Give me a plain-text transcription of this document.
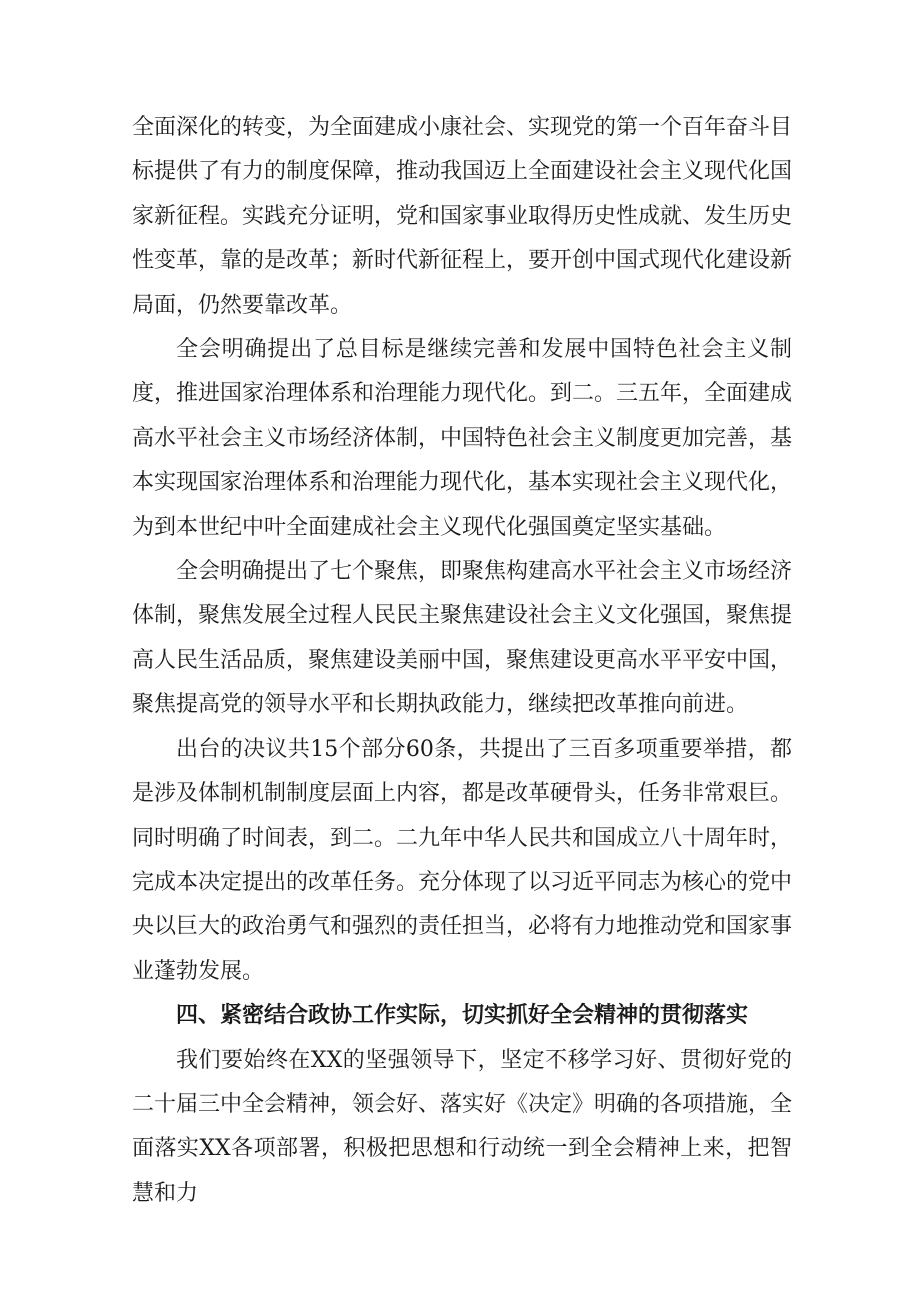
全面深化的转变，为全面建成小康社会、实现党的第一个百年奋斗目标提供了有力的制度保障，推动我国迈上全面建设社会主义现代化国家新征程。实践充分证明，党和国家事业取得历史性成就、发生历史性变革，靠的是改革；新时代新征程上，要开创中国式现代化建设新局面，仍然要靠改革。

全会明确提出了总目标是继续完善和发展中国特色社会主义制度，推进国家治理体系和治理能力现代化。到二。三五年，全面建成高水平社会主义市场经济体制，中国特色社会主义制度更加完善，基本实现国家治理体系和治理能力现代化，基本实现社会主义现代化，为到本世纪中叶全面建成社会主义现代化强国奠定坚实基础。

全会明确提出了七个聚焦，即聚焦构建高水平社会主义市场经济体制，聚焦发展全过程人民民主聚焦建设社会主义文化强国，聚焦提高人民生活品质，聚焦建设美丽中国，聚焦建设更高水平平安中国，聚焦提高党的领导水平和长期执政能力，继续把改革推向前进。

出台的决议共15个部分60条，共提出了三百多项重要举措，都是涉及体制机制制度层面上内容，都是改革硬骨头，任务非常艰巨。同时明确了时间表，到二。二九年中华人民共和国成立八十周年时，完成本决定提出的改革任务。充分体现了以习近平同志为核心的党中央以巨大的政治勇气和强烈的责任担当，必将有力地推动党和国家事业蓬勃发展。

四、紧密结合政协工作实际，切实抓好全会精神的贯彻落实

我们要始终在XX的坚强领导下，坚定不移学习好、贯彻好党的二十届三中全会精神，领会好、落实好《决定》明确的各项措施，全面落实XX各项部署，积极把思想和行动统一到全会精神上来，把智慧和力
